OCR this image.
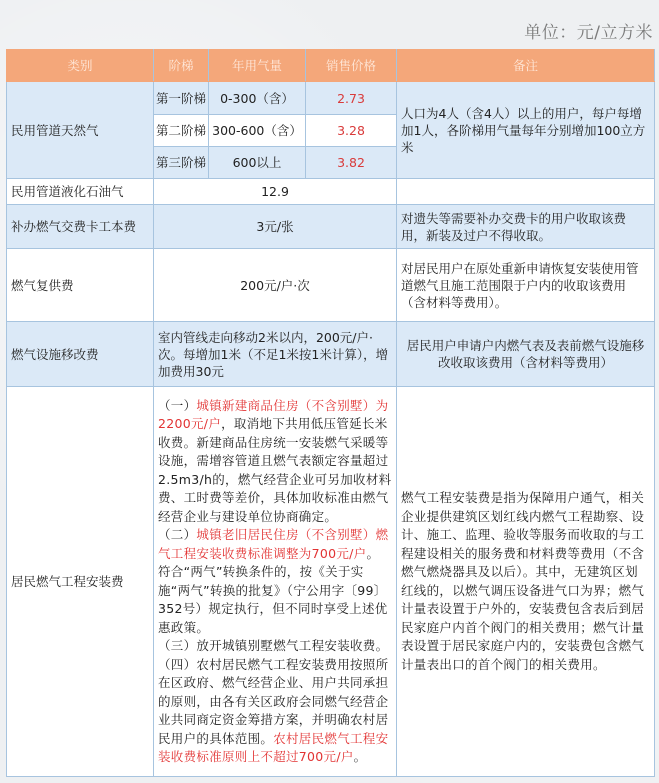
单位：元/立方米
类别	阶梯	年用气量	销售价格	备注
民用管道天然气	第一阶梯	0-300（含）	2.73	人口为4人（含4人）以上的用户，每户每增加1人，各阶梯用气量每年分别增加100立方米
	第二阶梯	300-600（含）	3.28	
	第三阶梯	600以上	3.82	
民用管道液化石油气	12.9			
补办燃气交费卡工本费	3元/张			对遗失等需要补办交费卡的用户收取该费用，新装及过户不得收取。
燃气复供费	200元/户·次			对居民用户在原处重新申请恢复安装使用管道燃气且施工范围限于户内的收取该费用（含材料等费用）。
燃气设施移改费	室内管线走向移动2米以内，200元/户·次。每增加1米（不足1米按1米计算），增加费用30元			居民用户申请户内燃气表及表前燃气设施移改收取该费用（含材料等费用）
居民燃气工程安装费	（一）城镇新建商品住房（不含别墅）为2200元/户，取消地下共用低压管延长米收费。新建商品住房统一安装燃气采暖等设施，需增容管道且燃气表额定容量超过2.5m3/h的，燃气经营企业可另加收材料费、工时费等差价，具体加收标准由燃气经营企业与建设单位协商确定。
（二）城镇老旧居民住房（不含别墅）燃气工程安装收费标准调整为700元/户。符合“两气”转换条件的，按《关于实施“两气”转换的批复》（宁公用字〔99〕352号）规定执行，但不同时享受上述优惠政策。
（三）放开城镇别墅燃气工程安装收费。
（四）农村居民燃气工程安装费用按照所在区政府、燃气经营企业、用户共同承担的原则，由各有关区政府会同燃气经营企业共同商定资金筹措方案，并明确农村居民用户的具体范围。农村居民燃气工程安装收费标准原则上不超过700元/户。			燃气工程安装费是指为保障用户通气，相关企业提供建筑区划红线内燃气工程勘察、设计、施工、监理、验收等服务而收取的与工程建设相关的服务费和材料费等费用（不含燃气燃烧器具及以后）。其中，无建筑区划红线的，以燃气调压设备进气口为界；燃气计量表设置于户外的，安装费包含表后到居民家庭户内首个阀门的相关费用；燃气计量表设置于居民家庭户内的，安装费包含燃气计量表出口的首个阀门的相关费用。
